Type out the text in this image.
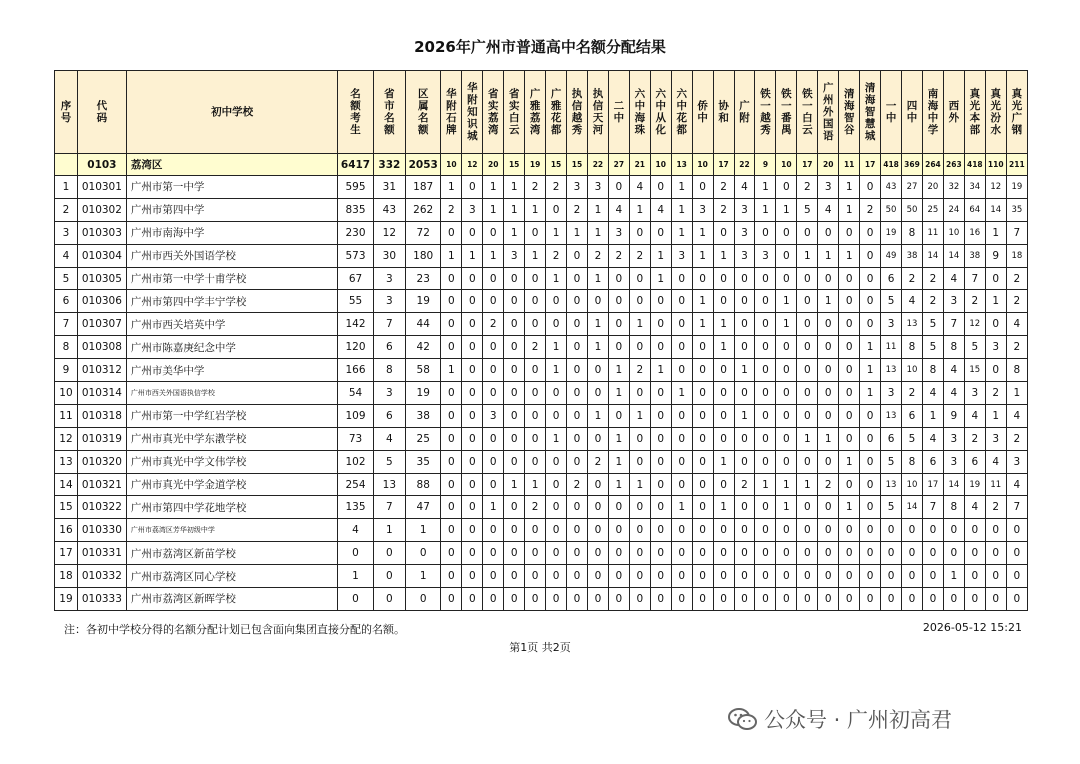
2026年广州市普通高中名额分配结果
序
号	代
码	初中学校	名
额
考
生	省
市
名
额	区
属
名
额	华
附
石
牌	华
附
知
识
城	省
实
荔
湾	省
实
白
云	广
雅
荔
湾	广
雅
花
都	执
信
越
秀	执
信
天
河	二
中	六
中
海
珠	六
中
从
化	六
中
花
都	侨
中	协
和	广
附	铁
一
越
秀	铁
一
番
禺	铁
一
白
云	广
州
外
国
语	清
海
智
谷	清
海
智
慧
城	一
中	四
中	南
海
中
学	西
外	真
光
本
部	真
光
汾
水	真
光
广
钢

	0103	荔湾区	6417	332	2053	10	12	20	15	19	15	15	22	27	21	10	13	10	17	22	9	10	17	20	11	17	418	369	264	263	418	110	211
1	010301	广州市第一中学	595	31	187	1	0	1	1	2	2	3	3	0	4	0	1	0	2	4	1	0	2	3	1	0	43	27	20	32	34	12	19
2	010302	广州市第四中学	835	43	262	2	3	1	1	1	0	2	1	4	1	4	1	3	2	3	1	1	5	4	1	2	50	50	25	24	64	14	35
3	010303	广州市南海中学	230	12	72	0	0	0	1	0	1	1	1	3	0	0	1	1	0	3	0	0	0	0	0	0	19	8	11	10	16	1	7
4	010304	广州市西关外国语学校	573	30	180	1	1	1	3	1	2	0	2	2	2	1	3	1	1	3	3	0	1	1	1	0	49	38	14	14	38	9	18
5	010305	广州市第一中学十甫学校	67	3	23	0	0	0	0	0	1	0	1	0	0	1	0	0	0	0	0	0	0	0	0	0	6	2	2	4	7	0	2
6	010306	广州市第四中学丰宁学校	55	3	19	0	0	0	0	0	0	0	0	0	0	0	0	1	0	0	0	1	0	1	0	0	5	4	2	3	2	1	2
7	010307	广州市西关培英中学	142	7	44	0	0	2	0	0	0	0	1	0	1	0	0	1	1	0	0	1	0	0	0	0	3	13	5	7	12	0	4
8	010308	广州市陈嘉庚纪念中学	120	6	42	0	0	0	0	2	1	0	1	0	0	0	0	0	1	0	0	0	0	0	0	1	11	8	5	8	5	3	2
9	010312	广州市美华中学	166	8	58	1	0	0	0	0	1	0	0	1	2	1	0	0	0	1	0	0	0	0	0	1	13	10	8	4	15	0	8
10	010314	广州市西关外国语执信学校	54	3	19	0	0	0	0	0	0	0	0	1	0	0	1	0	0	0	0	0	0	0	0	1	3	2	4	4	3	2	1
11	010318	广州市第一中学红岩学校	109	6	38	0	0	3	0	0	0	0	1	0	1	0	0	0	0	1	0	0	0	0	0	0	13	6	1	9	4	1	4
12	010319	广州市真光中学东漖学校	73	4	25	0	0	0	0	0	1	0	0	1	0	0	0	0	0	0	0	0	1	1	0	0	6	5	4	3	2	3	2
13	010320	广州市真光中学文伟学校	102	5	35	0	0	0	0	0	0	0	2	1	0	0	0	0	1	0	0	0	0	0	1	0	5	8	6	3	6	4	3
14	010321	广州市真光中学金道学校	254	13	88	0	0	0	1	1	0	2	0	1	1	0	0	0	0	2	1	1	1	2	0	0	13	10	17	14	19	11	4
15	010322	广州市第四中学花地学校	135	7	47	0	0	1	0	2	0	0	0	0	0	0	1	0	1	0	0	1	0	0	1	0	5	14	7	8	4	2	7
16	010330	广州市荔湾区芳华初级中学	4	1	1	0	0	0	0	0	0	0	0	0	0	0	0	0	0	0	0	0	0	0	0	0	0	0	0	0	0	0	0
17	010331	广州市荔湾区新苗学校	0	0	0	0	0	0	0	0	0	0	0	0	0	0	0	0	0	0	0	0	0	0	0	0	0	0	0	0	0	0	0
18	010332	广州市荔湾区同心学校	1	0	1	0	0	0	0	0	0	0	0	0	0	0	0	0	0	0	0	0	0	0	0	0	0	0	0	1	0	0	0
19	010333	广州市荔湾区新晖学校	0	0	0	0	0	0	0	0	0	0	0	0	0	0	0	0	0	0	0	0	0	0	0	0	0	0	0	0	0	0	0
注：各初中学校分得的名额分配计划已包含面向集团直接分配的名额。	2026-05-12 15:21
第1页 共2页
公众号 · 广州初高君
